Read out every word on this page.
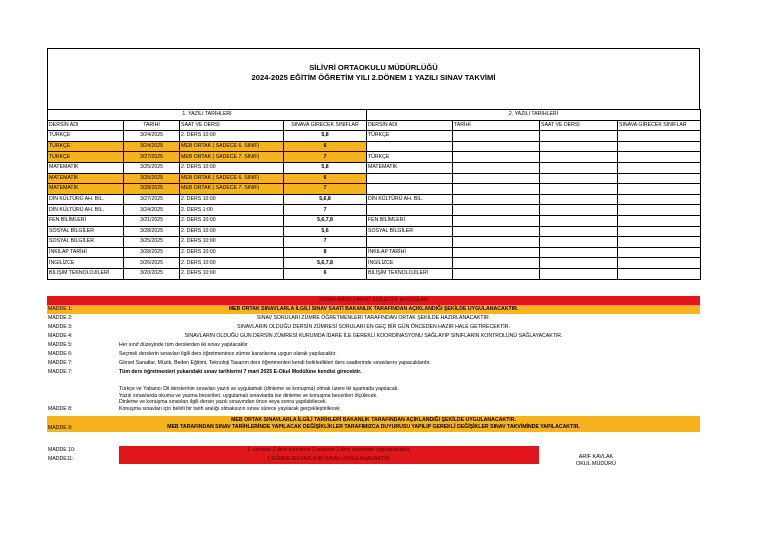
SİLİVRİ ORTAOKULU MÜDÜRLÜĞÜ
2024-2025 EĞİTİM ÖĞRETİM YILI 2.DÖNEM 1 YAZILI SINAV TAKVİMİ
1. YAZILI TARİHLERİ				2. YAZILI TARİHLERİ			
DERSİN ADI	TARİHİ	SAAT VE DERSİ	SINAVA GİRECEK SINIFLAR	DERSİN ADI	TARİHİ	SAAT VE DERSİ	SINAVA GİRECEK SINIFLAR
TÜRKÇE	3/24/2025	2. DERS 10:00	5,8	TÜRKÇE			
TÜRKÇE	3/24/2025	MEB ORTAK ( SADECE 6. SINIF)	6				
TÜRKÇE	3/27/2025	MEB ORTAK ( SADECE 7. SINIF)	7	TÜRKÇE			
MATEMATİK	3/25/2025	2. DERS 10:00	5,8	MATEMATİK			
MATEMATİK	3/25/2025	MEB ORTAK ( SADECE 6. SINIF)	6				
MATEMATİK	3/28/2025	MEB ORTAK ( SADECE 7. SINIF)	7				
DİN KÜLTÜRÜ AH. BİL.	3/27/2025	2. DERS 10:00	5,6,8	DİN KÜLTÜRÜ AH. BİL.			
DİN KÜLTÜRÜ AH. BİL.	3/24/2025	2. DERS 1:00	7				
FEN BİLİMLERİ	3/21/2025	2. DERS 10:00	5,6,7,8	FEN BİLİMLERİ			
SOSYAL BİLGİLER	3/28/2025	2. DERS 10:00	5,6	SOSYAL BİLGİLER			
SOSYAL BİLGİLER	3/25/2025	2. DERS 10:00	7				
İNKILAP TARİHİ	3/28/2025	2. DERS 10:00	8	İNKILAP TARİHİ			
İNGİLİZCE	3/26/2025	2. DERS 10:00	5,6,7,8	İNGİLİZCE			
BİLİŞİM TEKNOLOJİLERİ	3/20/2025	2. DERS 10:00	6	BİLİŞİM TEKNOLOJİLERİ			
SINAVLARDA DİKKAT EDİLECEK HUSUSLAR
MADDE 1:	MEB ORTAK SINAVLARLA İLGİLİ SINAV SAATİ BAKANLIK TARAFINDAN AÇIKLANDIĞI ŞEKİLDE UYGULANACAKTIR.
MADDE 2:	SINAV SORULARI ZÜMRE ÖĞRETMENLERİ TARAFINDAN ORTAK ŞEKİLDE HAZIRLANACAKTIR.
MADDE 3:	SINAVLARIN OLDUĞU DERSİN ZÜMRESİ SORULARI EN GEÇ BİR GÜN ÖNCEDEN HAZIR HALE GETİRECEKTİR.
MADDE 4:	SINAVLARIN OLDUĞU GÜN DERSİN ZÜMRESİ KURUMDA İDARE İLE GEREKLİ KOORDİNASYONU SAĞLAYIP SINIFLARIN KONTROLÜNÜ SAĞLAYACAKTIR.
MADDE 5:	Her sınıf düzeyinde tüm derslerden iki sınav yapılacaktır
MADDE 6:	Seçmeli derslerin sınavları ilgili ders öğretmenince zümre kararlarına uygun olarak yapılacaktır.
MADDE 7:	Görsel Sanatlar, Müzik, Beden Eğitimi, Teknoloji Tasarım ders öğretmenleri kendi belirledikleri ders saatlerinde sınavlarını yapacaklardır.
MADDE 7:	Tüm ders öğretmenleri yukarıdaki sınav tarihlerini 7 mart 2025 E-Okul Modülüne kendisi girecektir.
Türkçe ve Yabancı Dil derslerinin sınavları yazılı ve uygulamalı (dinleme ve konuşma) olmak üzere iki aşamada yapılacak.
Yazılı sınavlarda okuma ve yazma becerileri, uygulamalı sınavlarda ise dinleme ve konuşma becerileri ölçülecek.
Dinleme ve konuşma sınavları ilgili dersin yazılı sınavından önce veya sonra yapılabilecek.
Konuşma sınavları için belirli bir tarih aralığı olmaksızın sınav sürece yayılarak gerçekleştirilecek
MADDE 8:
MEB ORTAK SINAVLARLA İLGİLİ TARİHLERİ BAKANLIK TARAFINDAN AÇIKLANDIĞI ŞEKİLDE UYGULANACAKTIR.
MEB TARAFINDAN SINAV TARİHLERİNDE YAPILACAK DEĞİŞİKLİKLER TARAFIMIZCA DUYURUSU YAPILIP GEREKLİ DEĞİŞİKLER SINAV TAKVİMİNDE YAPILACAKTIR.
MADDE 9:
MADDE 10:	1. sınavlar 2 ders süresince 2 sınavlar 3.ders süresinde uygulanacaktır.
MADDE11:	1 GÜNDE EN FAZLA İKİ SINAV UYGULANACAKTIR.	ARİF KAVLAK
OKUL MÜDÜRÜ
